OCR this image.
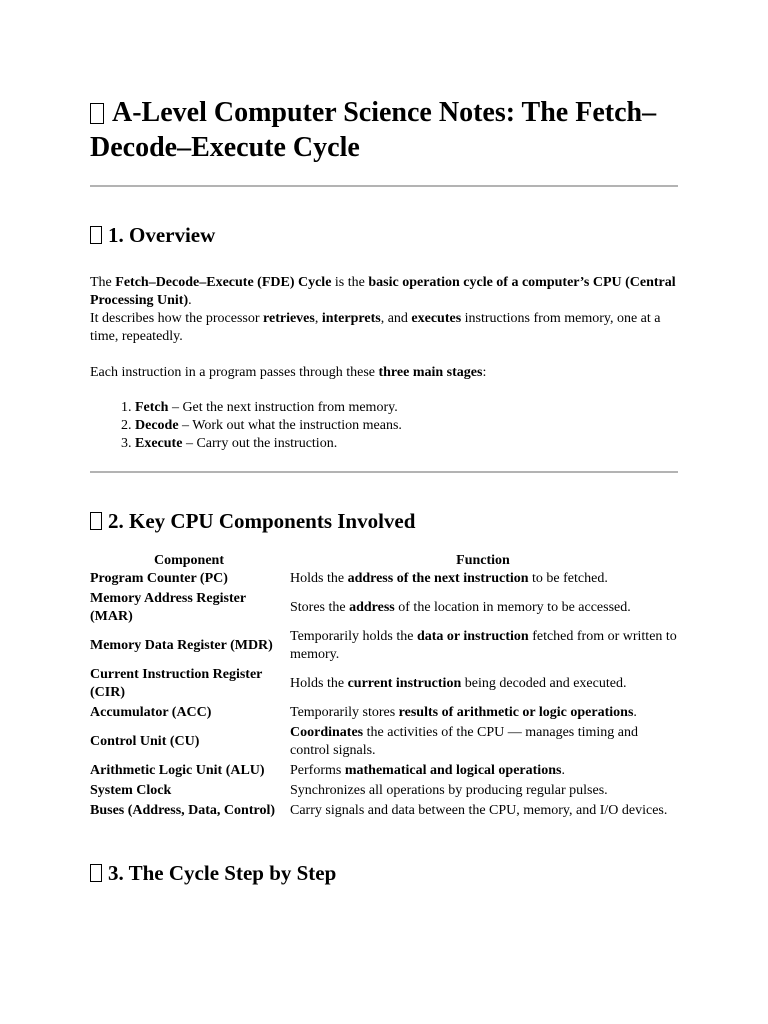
A-Level Computer Science Notes: The Fetch–Decode–Execute Cycle
1. Overview

The Fetch–Decode–Execute (FDE) Cycle is the basic operation cycle of a computer’s CPU (Central Processing Unit).
It describes how the processor retrieves, interprets, and executes instructions from memory, one at a time, repeatedly.

Each instruction in a program passes through these three main stages:

1. Fetch – Get the next instruction from memory.
2. Decode – Work out what the instruction means.
3. Execute – Carry out the instruction.
2. Key CPU Components Involved
Component	Function
Program Counter (PC)	Holds the address of the next instruction to be fetched.
Memory Address Register (MAR)	Stores the address of the location in memory to be accessed.
Memory Data Register (MDR)	Temporarily holds the data or instruction fetched from or written to memory.
Current Instruction Register (CIR)	Holds the current instruction being decoded and executed.
Accumulator (ACC)	Temporarily stores results of arithmetic or logic operations.
Control Unit (CU)	Coordinates the activities of the CPU — manages timing and control signals.
Arithmetic Logic Unit (ALU)	Performs mathematical and logical operations.
System Clock	Synchronizes all operations by producing regular pulses.
Buses (Address, Data, Control)	Carry signals and data between the CPU, memory, and I/O devices.
3. The Cycle Step by Step
